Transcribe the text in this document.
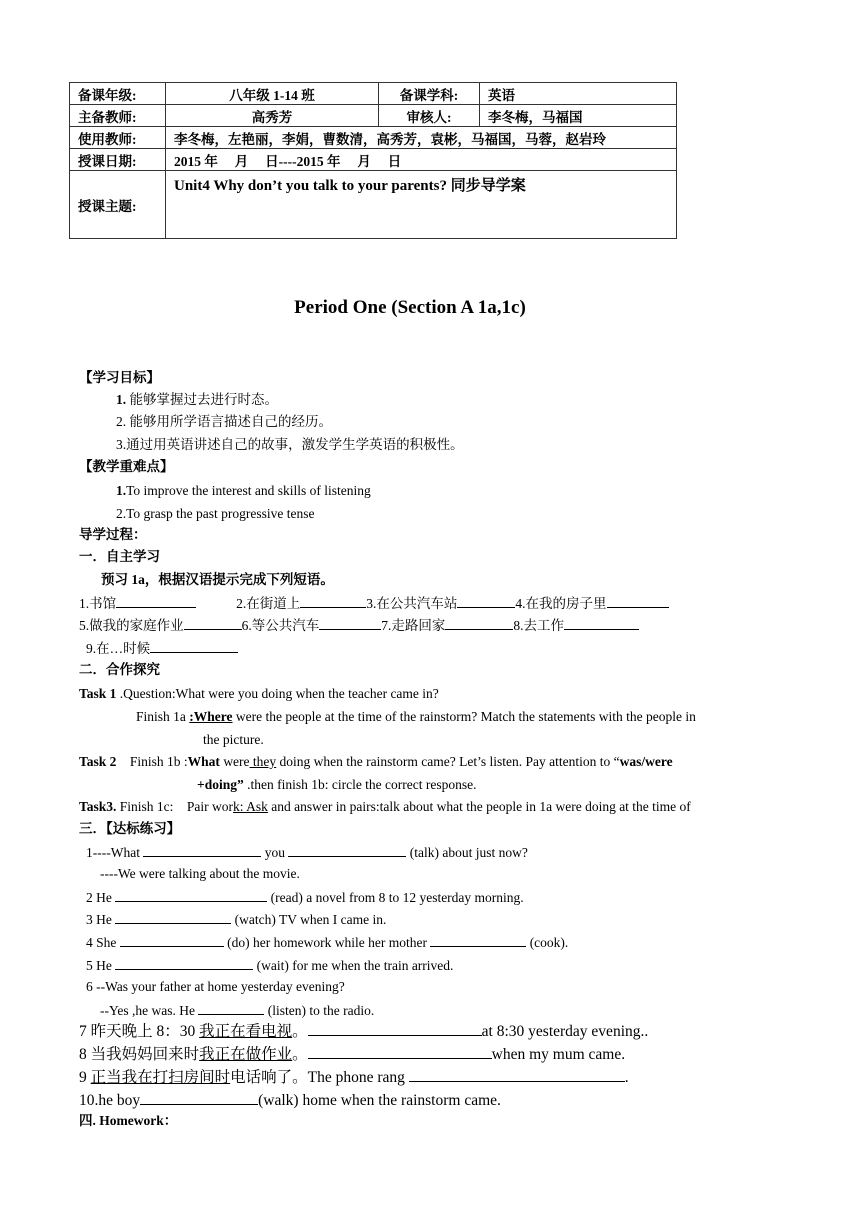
备课年级:	八年级 1-14 班	备课学科:	英语
主备教师:	高秀芳	审核人:	李冬梅，马福国
使用教师:	李冬梅，左艳丽，李娟，曹数清，高秀芳，袁彬，马福国，马蓉，赵岩玲		
授课日期:	2015 年　 月　 日----2015 年　 月　 日		
授课主题:	Unit4 Why don’t you talk to your parents? 同步导学案		
Period One (Section A 1a,1c)
【学习目标】
1. 能够掌握过去进行时态。
2. 能够用所学语言描述自己的经历。
3.通过用英语讲述自己的故事，激发学生学英语的积极性。
【教学重难点】
1.To improve the interest and skills of listening
2.To grasp the past progressive tense
导学过程：
一．自主学习
预习 1a，根据汉语提示完成下列短语。
1.书馆	2.在街道上	3.在公共汽车站	4.在我的房子里
5.做我的家庭作业	6.等公共汽车	7.走路回家	8.去工作
9.在…时候
二．合作探究
Task 1 .Question:What were you doing when the teacher came in?
Finish 1a :Where were the people at the time of the rainstorm? Match the statements with the people in
the picture.
Task 2    Finish 1b :What were they doing when the rainstorm came? Let’s listen. Pay attention to “was/were
+doing” .then finish 1b: circle the correct response.
Task3. Finish 1c:    Pair work: Ask and answer in pairs:talk about what the people in 1a were doing at the time of
三．【达标练习】
1----What	you	(talk) about just now?
----We were talking about the movie.
2 He	(read) a novel from 8 to 12 yesterday morning.
3 He	(watch) TV when I came in.
4 She	(do) her homework while her mother	(cook).
5 He	(wait) for me when the train arrived.
6 --Was your father at home yesterday evening?
--Yes ,he was. He	(listen) to the radio.
7 昨天晚上 8：30 我正在看电视。	at 8:30 yesterday evening..
8 当我妈妈回来时我正在做作业。	when my mum came.
9 正当我在打扫房间时电话响了。The phone rang	.
10.he boy	(walk) home when the rainstorm came.
四. Homework：
